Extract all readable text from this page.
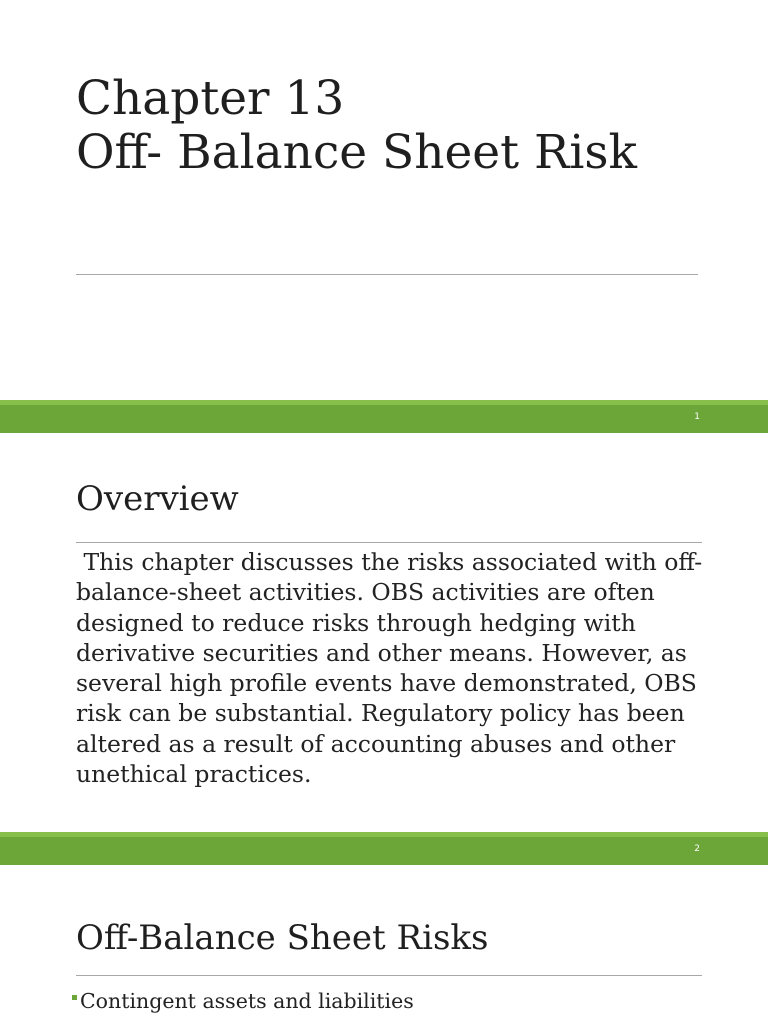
Chapter 13
Off- Balance Sheet Risk
1
Overview

This chapter discusses the risks associated with off-balance-sheet activities. OBS activities are often designed to reduce risks through hedging with derivative securities and other means. However, as several high profile events have demonstrated, OBS risk can be substantial. Regulatory policy has been altered as a result of accounting abuses and other unethical practices.

2
Off-Balance Sheet Risks
Contingent assets and liabilities
